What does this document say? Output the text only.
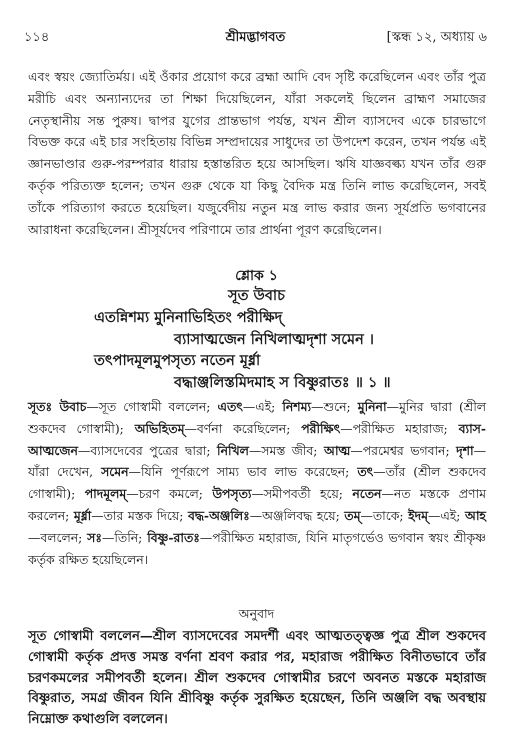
১১৪	শ্রীমদ্ভাগবত	[স্কন্ধ ১২, অধ্যায় ৬
এবং স্বয়ং জ্যোতির্ময়। এই ওঁকার প্রয়োগ করে ব্রহ্মা আদি বেদ সৃষ্টি করেছিলেন এবং তাঁর পুত্র মরীচি এবং অন্যান্যদের তা শিক্ষা দিয়েছিলেন, যাঁরা সকলেই ছিলেন ব্রাহ্মণ সমাজের নেতৃস্থানীয় সন্ত পুরুষ। দ্বাপর যুগের প্রান্তভাগ পর্যন্ত, যখন শ্রীল ব্যাসদেব একে চারভাগে বিভক্ত করে এই চার সংহিতায় বিভিন্ন সম্প্রদায়ের সাধুদের তা উপদেশ করেন, তখন পর্যন্ত এই জ্ঞানভাণ্ডার গুরু-পরম্পরার ধারায় হস্তান্তরিত হয়ে আসছিল। ঋষি যাজ্ঞবল্ক্য যখন তাঁর গুরু কর্তৃক পরিত্যক্ত হলেন; তখন গুরু থেকে যা কিছু বৈদিক মন্ত্র তিনি লাভ করেছিলেন, সবই তাঁকে পরিত্যাগ করতে হয়েছিল। যজুর্বেদীয় নতুন মন্ত্র লাভ করার জন্য সূর্যপ্রতি ভগবানের আরাধনা করেছিলেন। শ্রীসূর্যদেব পরিণামে তার প্রার্থনা পূরণ করেছিলেন।
শ্লোক ১
সূত উবাচ
এতন্নিশম্য মুনিনাভিহিতং পরীক্ষিদ্
ব্যাসাত্মজেন নিখিলাত্মদৃশা সমেন ।
তৎপাদমূলমুপসৃত্য নতেন মূর্ধ্না
বদ্ধাঞ্জলিস্তমিদমাহ স বিষ্ণুরাতঃ ॥ ১ ॥
সূতঃ উবাচ—সূত গোস্বামী বললেন; এতৎ—এই; নিশম্য—শুনে; মুনিনা—মুনির দ্বারা (শ্রীল শুকদেব গোস্বামী); অভিহিতম্—বর্ণনা করেছিলেন; পরীক্ষিৎ—পরীক্ষিত মহারাজ; ব্যাস-আত্মজেন—ব্যাসদেবের পুত্রের দ্বারা; নিখিল—সমস্ত জীব; আত্ম—পরমেশ্বর ভগবান; দৃশা—যাঁরা দেখেন, সমেন—যিনি পূর্ণরূপে সাম্য ভাব লাভ করেছেন; তৎ—তাঁর (শ্রীল শুকদেব গোস্বামী); পাদমূলম্—চরণ কমলে; উপসৃত্য—সমীপবর্তী হয়ে; নতেন—নত মস্তকে প্রণাম করলেন; মূর্ধ্না—তার মস্তক দিয়ে; বদ্ধ-অঞ্জলিঃ—অঞ্জলিবদ্ধ হয়ে; তম্—তাকে; ইদম্—এই; আহ—বললেন; সঃ—তিনি; বিষ্ণু-রাতঃ—পরীক্ষিত মহারাজ, যিনি মাতৃগর্ভেও ভগবান স্বয়ং শ্রীকৃষ্ণ কর্তৃক রক্ষিত হয়েছিলেন।
অনুবাদ
সূত গোস্বামী বললেন—শ্রীল ব্যাসদেবের সমদর্শী এবং আত্মতত্ত্বজ্ঞ পুত্র শ্রীল শুকদেব গোস্বামী কর্তৃক প্রদত্ত সমস্ত বর্ণনা শ্রবণ করার পর, মহারাজ পরীক্ষিত বিনীতভাবে তাঁর চরণকমলের সমীপবর্তী হলেন। শ্রীল শুকদেব গোস্বামীর চরণে অবনত মস্তকে মহারাজ বিষ্ণুরাত, সমগ্র জীবন যিনি শ্রীবিষ্ণু কর্তৃক সুরক্ষিত হয়েছেন, তিনি অঞ্জলি বদ্ধ অবস্থায় নিম্নোক্ত কথাগুলি বললেন।
